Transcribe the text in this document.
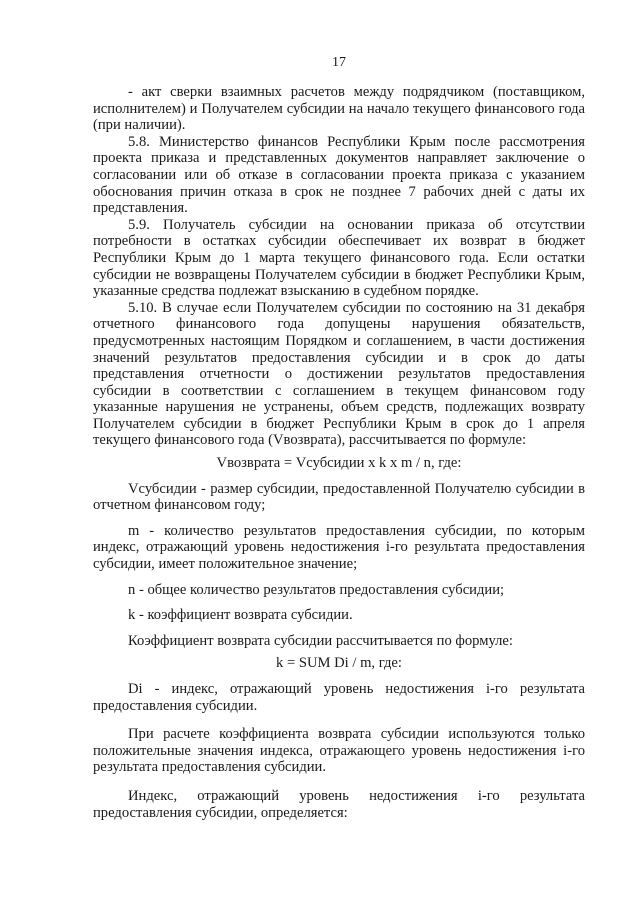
17

- акт сверки взаимных расчетов между подрядчиком (поставщиком, исполнителем) и Получателем субсидии на начало текущего финансового года (при наличии).

5.8. Министерство финансов Республики Крым после рассмотрения проекта приказа и представленных документов направляет заключение о согласовании или об отказе в согласовании проекта приказа с указанием обоснования причин отказа в срок не позднее 7 рабочих дней с даты их представления.

5.9. Получатель субсидии на основании приказа об отсутствии потребности в остатках субсидии обеспечивает их возврат в бюджет Республики Крым до 1 марта текущего финансового года. Если остатки субсидии не возвращены Получателем субсидии в бюджет Республики Крым, указанные средства подлежат взысканию в судебном порядке.

5.10. В случае если Получателем субсидии по состоянию на 31 декабря отчетного финансового года допущены нарушения обязательств, предусмотренных настоящим Порядком и соглашением, в части достижения значений результатов предоставления субсидии и в срок до даты представления отчетности о достижении результатов предоставления субсидии в соответствии с соглашением в текущем финансовом году указанные нарушения не устранены, объем средств, подлежащих возврату Получателем субсидии в бюджет Республики Крым в срок до 1 апреля текущего финансового года (Vвозврата), рассчитывается по формуле:

Vвозврата = Vсубсидии x k x m / n, где:

Vсубсидии - размер субсидии, предоставленной Получателю субсидии в отчетном финансовом году;

m - количество результатов предоставления субсидии, по которым индекс, отражающий уровень недостижения i-го результата предоставления субсидии, имеет положительное значение;

n - общее количество результатов предоставления субсидии;

k - коэффициент возврата субсидии.

Коэффициент возврата субсидии рассчитывается по формуле:

k = SUM Di / m, где:

Di - индекс, отражающий уровень недостижения i-го результата предоставления субсидии.

При расчете коэффициента возврата субсидии используются только положительные значения индекса, отражающего уровень недостижения i-го результата предоставления субсидии.

Индекс, отражающий уровень недостижения i-го результата предоставления субсидии, определяется:
